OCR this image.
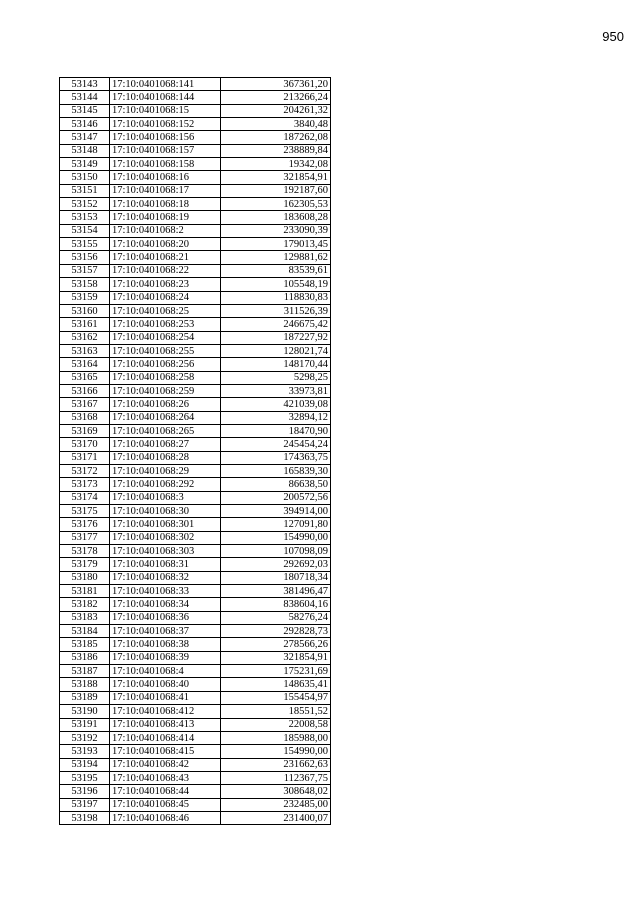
950
53143	17:10:0401068:141	367361,20
53144	17:10:0401068:144	213266,24
53145	17:10:0401068:15	204261,32
53146	17:10:0401068:152	3840,48
53147	17:10:0401068:156	187262,08
53148	17:10:0401068:157	238889,84
53149	17:10:0401068:158	19342,08
53150	17:10:0401068:16	321854,91
53151	17:10:0401068:17	192187,60
53152	17:10:0401068:18	162305,53
53153	17:10:0401068:19	183608,28
53154	17:10:0401068:2	233090,39
53155	17:10:0401068:20	179013,45
53156	17:10:0401068:21	129881,62
53157	17:10:0401068:22	83539,61
53158	17:10:0401068:23	105548,19
53159	17:10:0401068:24	118830,83
53160	17:10:0401068:25	311526,39
53161	17:10:0401068:253	246675,42
53162	17:10:0401068:254	187227,92
53163	17:10:0401068:255	128021,74
53164	17:10:0401068:256	148170,44
53165	17:10:0401068:258	5298,25
53166	17:10:0401068:259	33973,81
53167	17:10:0401068:26	421039,08
53168	17:10:0401068:264	32894,12
53169	17:10:0401068:265	18470,90
53170	17:10:0401068:27	245454,24
53171	17:10:0401068:28	174363,75
53172	17:10:0401068:29	165839,30
53173	17:10:0401068:292	86638,50
53174	17:10:0401068:3	200572,56
53175	17:10:0401068:30	394914,00
53176	17:10:0401068:301	127091,80
53177	17:10:0401068:302	154990,00
53178	17:10:0401068:303	107098,09
53179	17:10:0401068:31	292692,03
53180	17:10:0401068:32	180718,34
53181	17:10:0401068:33	381496,47
53182	17:10:0401068:34	838604,16
53183	17:10:0401068:36	58276,24
53184	17:10:0401068:37	292828,73
53185	17:10:0401068:38	278566,26
53186	17:10:0401068:39	321854,91
53187	17:10:0401068:4	175231,69
53188	17:10:0401068:40	148635,41
53189	17:10:0401068:41	155454,97
53190	17:10:0401068:412	18551,52
53191	17:10:0401068:413	22008,58
53192	17:10:0401068:414	185988,00
53193	17:10:0401068:415	154990,00
53194	17:10:0401068:42	231662,63
53195	17:10:0401068:43	112367,75
53196	17:10:0401068:44	308648,02
53197	17:10:0401068:45	232485,00
53198	17:10:0401068:46	231400,07
